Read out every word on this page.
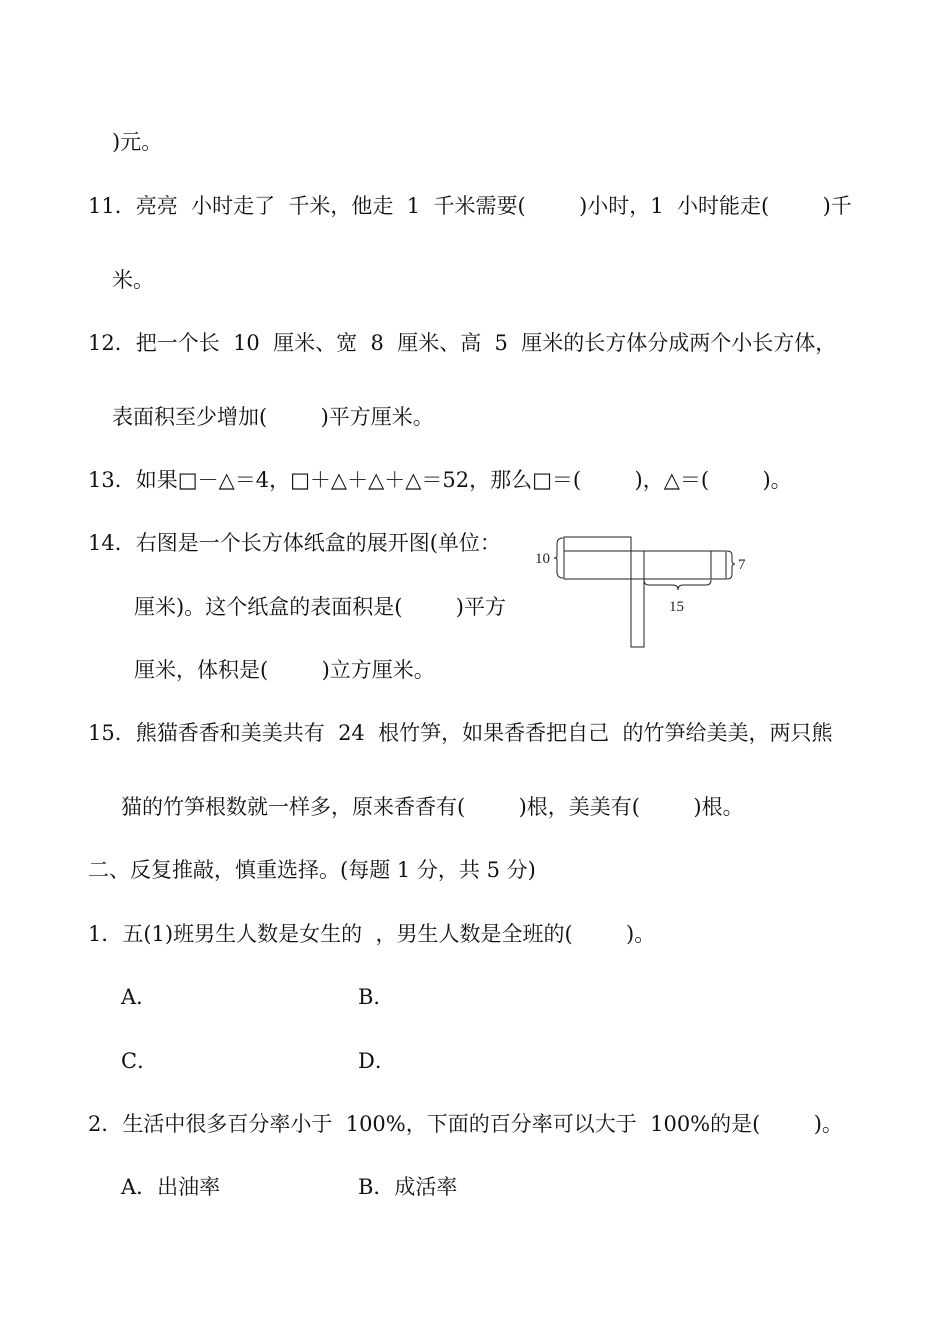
)元。
11．亮亮  小时走了  千米，他走  1  千米需要(        )小时，1  小时能走(        )千
米。
12．把一个长  10  厘米、宽  8  厘米、高  5  厘米的长方体分成两个小长方体，
表面积至少增加(        )平方厘米。
13．如果□－△＝4，□＋△＋△＋△＝52，那么□＝(        )，△＝(        )。
14．右图是一个长方体纸盒的展开图(单位：
厘米)。这个纸盒的表面积是(        )平方
厘米，体积是(        )立方厘米。
10	7
15
15．熊猫香香和美美共有  24  根竹笋，如果香香把自己  的竹笋给美美，两只熊
猫的竹笋根数就一样多，原来香香有(        )根，美美有(        )根。
二、反复推敲，慎重选择。(每题 1 分，共 5 分)
1．五(1)班男生人数是女生的  ，男生人数是全班的(        )。
A．	B．
C．	D．
2．生活中很多百分率小于  100%，下面的百分率可以大于  100%的是(        )。
A．出油率	B．成活率
